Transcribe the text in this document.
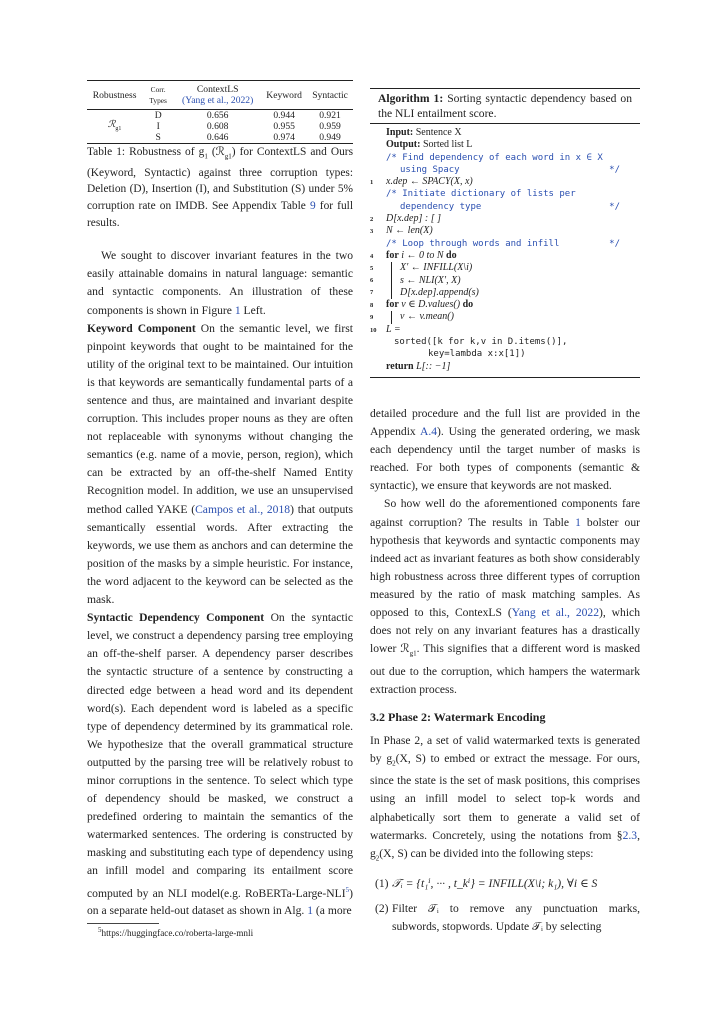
Robustness	Corr. Types	ContextLS	Keyword	Syntactic
		(Yang et al., 2022)		
ℛ$_{g1}$	D	0.656	0.944	0.921
	I	0.608	0.955	0.959
	S	0.646	0.974	0.949

Table 1: Robustness of $g_1$ (ℛ$_{g1}$) for ContextLS and Ours (Keyword, Syntactic) against three corruption types: Deletion (D), Insertion (I), and Substitution (S) under 5% corruption rate on IMDB. See Appendix Table 9 for full results.

We sought to discover invariant features in the two easily attainable domains in natural language: semantic and syntactic components. An illustration of these components is shown in Figure 1 Left.

Keyword Component On the semantic level, we first pinpoint keywords that ought to be maintained for the utility of the original text to be maintained. Our intuition is that keywords are semantically fundamental parts of a sentence and thus, are maintained and invariant despite corruption. This includes proper nouns as they are often not replaceable with synonyms without changing the semantics (e.g. name of a movie, person, region), which can be extracted by an off-the-shelf Named Entity Recognition model. In addition, we use an unsupervised method called YAKE (Campos et al., 2018) that outputs semantically essential words. After extracting the keywords, we use them as anchors and can determine the position of the masks by a simple heuristic. For instance, the word adjacent to the keyword can be selected as the mask.

Syntactic Dependency Component On the syntactic level, we construct a dependency parsing tree employing an off-the-shelf parser. A dependency parser describes the syntactic structure of a sentence by constructing a directed edge between a head word and its dependent word(s). Each dependent word is labeled as a specific type of dependency determined by its grammatical role. We hypothesize that the overall grammatical structure outputted by the parsing tree will be relatively robust to minor corruptions in the sentence. To select which type of dependency should be masked, we construct a predefined ordering to maintain the semantics of the watermarked sentences. The ordering is constructed by masking and substituting each type of dependency using an infill model and comparing its entailment score computed by an NLI model(e.g. RoBERTa-Large-NLI$^5$) on a separate held-out dataset as shown in Alg. 1 (a more

$^5$https://huggingface.co/roberta-large-mnli
Algorithm 1: Sorting syntactic dependency based on the NLI entailment score.
Input: Sentence X
Output: Sorted list L
/* Find dependency of each word in x ∈ X
using Spacy	*/
1 x.dep ← SPACY(X, x)
/* Initiate dictionary of lists per
dependency type	*/
2 D[x.dep] : [ ]
3 N ← len(X)
/* Loop through words and infill	*/
4 for i ← 0 to N do
5
6
7
X′ ← INFILL(X\i)
s ← NLI(X′, X)
D[x.dep].append(s)
8 for v ∈ D.values() do
9	v ← v.mean()
10 L =
sorted([k for k,v in D.items()],
key=lambda x:x[1])
return L[:: −1]

detailed procedure and the full list are provided in the Appendix A.4). Using the generated ordering, we mask each dependency until the target number of masks is reached. For both types of components (semantic & syntactic), we ensure that keywords are not masked.

So how well do the aforementioned components fare against corruption? The results in Table 1 bolster our hypothesis that keywords and syntactic components may indeed act as invariant features as both show considerably high robustness across three different types of corruption measured by the ratio of mask matching samples. As opposed to this, ContexLS (Yang et al., 2022), which does not rely on any invariant features has a drastically lower ℛ$_{g1}$. This signifies that a different word is masked out due to the corruption, which hampers the watermark extraction process.

3.2 Phase 2: Watermark Encoding

In Phase 2, a set of valid watermarked texts is generated by $g_2(X$, S) to embed or extract the message. For ours, since the state is the set of mask positions, this comprises using an infill model to select top-k words and alphabetically sort them to generate a valid set of watermarks. Concretely, using the notations from §2.3, $g_2(X$, S) can be divided into the following steps:

(1) 𝒯ᵢ = {t₁ⁱ, ··· , t_kⁱ} = INFILL(X\i; k₁), ∀i ∈ S
(2) Filter 𝒯ᵢ to remove any punctuation marks, subwords, stopwords. Update 𝒯ᵢ by selecting
